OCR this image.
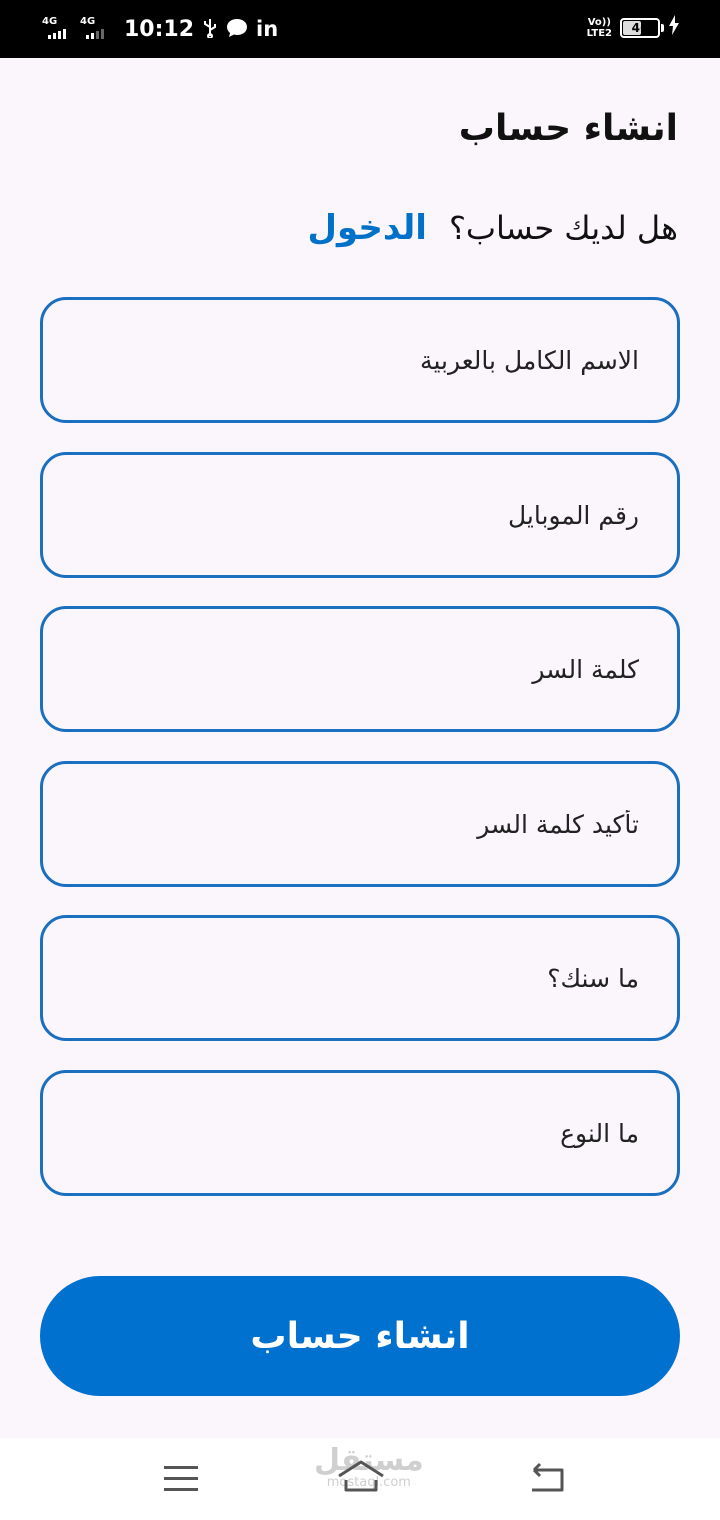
4G 4G 10:12	in	Vo))
LTE2 46
انشاء حساب
هل لديك حساب؟
الدخول
الاسم الكامل بالعربية
رقم الموبايل
ما سنك؟
ما النوع
انشاء حساب
مستقل
mostaql.com
